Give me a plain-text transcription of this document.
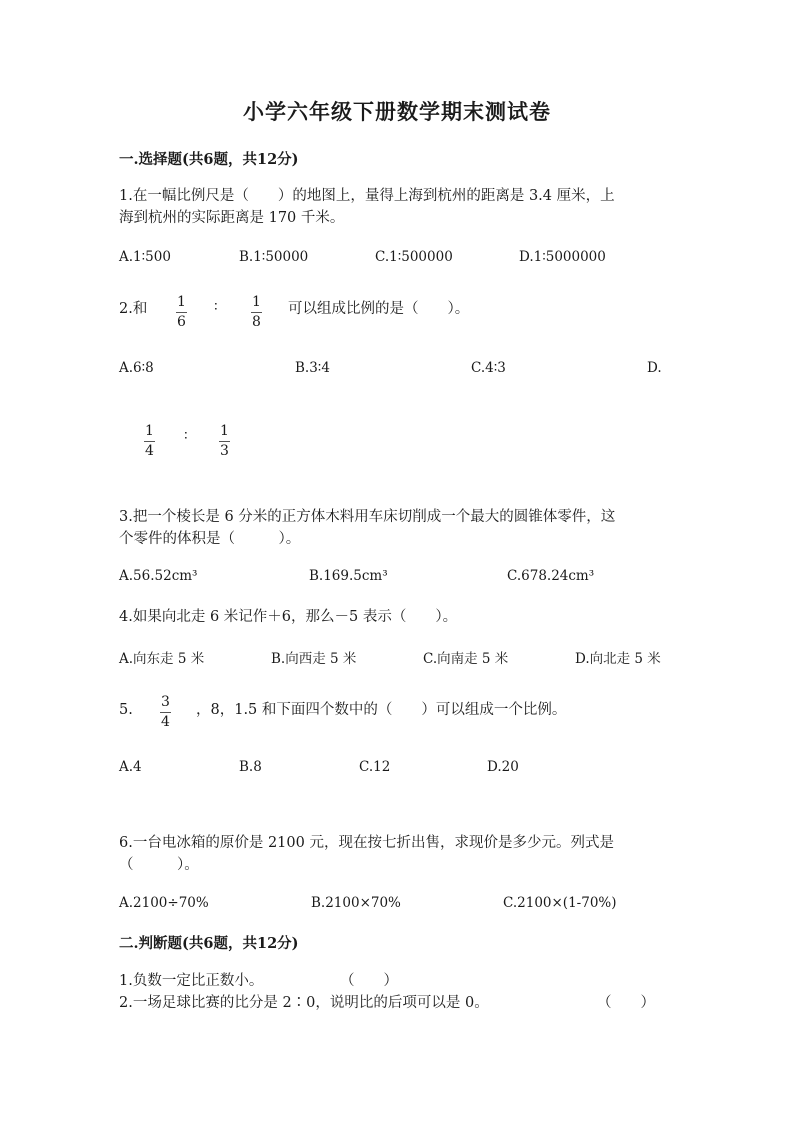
小学六年级下册数学期末测试卷
一.选择题(共6题，共12分)
1.在一幅比例尺是（　　）的地图上，量得上海到杭州的距离是 3.4 厘米，上
海到杭州的实际距离是 170 千米。
A.1∶500	B.1∶50000	C.1∶500000	D.1∶5000000
2.和 1
6
∶ 1
8
可以组成比例的是（　　）。
A.6∶8	B.3∶4	C.4∶3	D.
1
4
∶ 1
3
3.把一个棱长是 6 分米的正方体木料用车床切削成一个最大的圆锥体零件，这
个零件的体积是（　　　）。
A.56.52cm³	B.169.5cm³	C.678.24cm³
4.如果向北走 6 米记作＋6，那么－5 表示（　　）。
A.向东走 5 米	B.向西走 5 米	C.向南走 5 米	D.向北走 5 米
5. 3
4
，8，1.5 和下面四个数中的（　　）可以组成一个比例。
A.4	B.8	C.12	D.20
6.一台电冰箱的原价是 2100 元，现在按七折出售，求现价是多少元。列式是
（　　　）。
A.2100÷70%	B.2100×70%	C.2100×(1-70%)
二.判断题(共6题，共12分)
1.负数一定比正数小。	（　　）
2.一场足球比赛的比分是 2∶0，说明比的后项可以是 0。	（　　）
